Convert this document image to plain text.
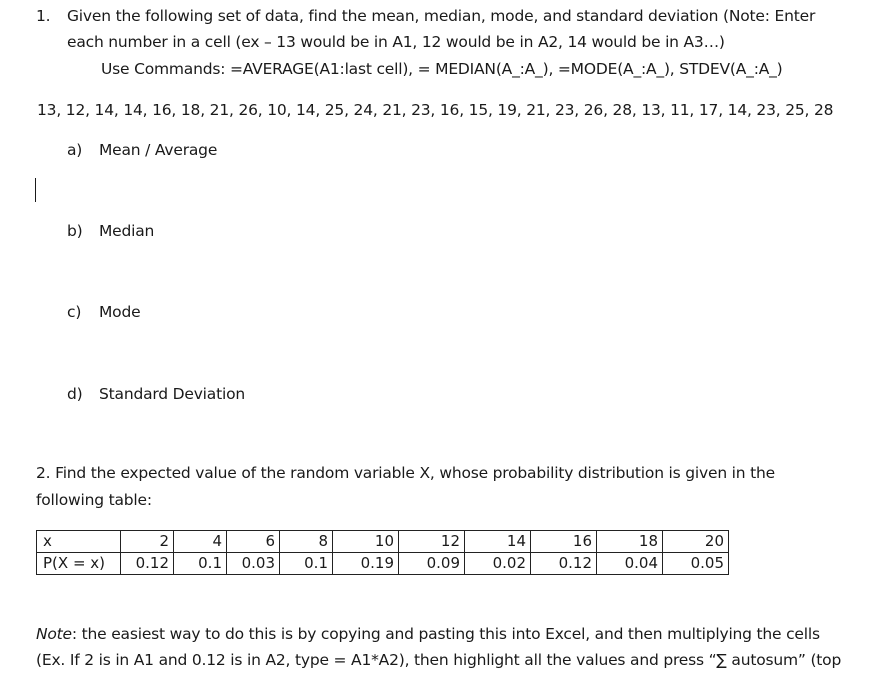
1. Given the following set of data, find the mean, median, mode, and standard deviation (Note: Enter
each number in a cell (ex – 13 would be in A1, 12 would be in A2, 14 would be in A3…)
Use Commands: =AVERAGE(A1:last cell), = MEDIAN(A_:A_), =MODE(A_:A_), STDEV(A_:A_)
13, 12, 14, 14, 16, 18, 21, 26, 10, 14, 25, 24, 21, 23, 16, 15, 19, 21, 23, 26, 28, 13, 11, 17, 14, 23, 25, 28
a) Mean / Average
b) Median
c) Mode
d) Standard Deviation
2. Find the expected value of the random variable X, whose probability distribution is given in the
following table:
x	2	4	6	8	10	12	14	16	18	20
P(X = x)	0.12	0.1	0.03	0.1	0.19	0.09	0.02	0.12	0.04	0.05
Note: the easiest way to do this is by copying and pasting this into Excel, and then multiplying the cells
(Ex. If 2 is in A1 and 0.12 is in A2, type = A1*A2), then highlight all the values and press “∑ autosum” (top
